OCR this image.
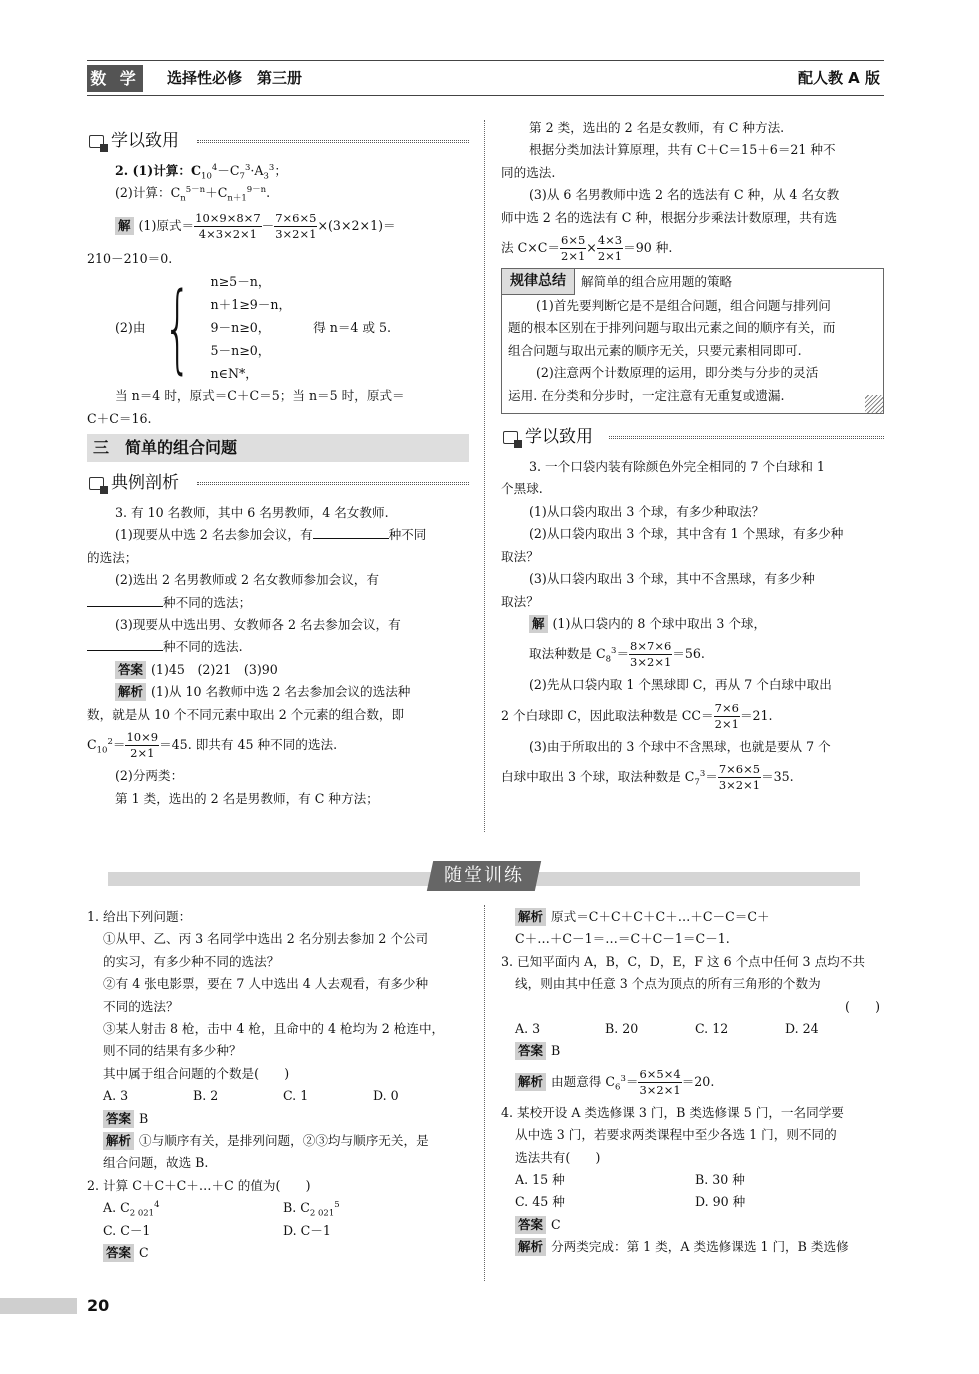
数 学 选择性必修　第三册	配人教 A 版
学以致用
2. (1)计算：$C_{10}^4-C_7^3\cdot A_3^3$；
(2)计算：$C_n^{5-n}+C_{n+1}^{9-n}$.
解 (1)原式＝ $\frac{10\times 9\times 8\times 7}{4\times 3\times 2\times 1} - \frac{7\times 6\times 5}{3\times 2\times 1} \times(3\times 2\times 1)=$
210－210＝0.
(2)由 { n≥5－n，
n＋1≥9－n，
9－n≥0，
5－n≥0，
n∈N*，
得 n＝4 或 5.
当 n＝4 时，原式＝C＋C＝5；当 n＝5 时，原式＝
C＋C＝16.
三　简单的组合问题
典例剖析
3. 有 10 名教师，其中 6 名男教师，4 名女教师.
(1)现要从中选 2 名去参加会议，有	种不同
的选法；
(2)选出 2 名男教师或 2 名女教师参加会议，有
种不同的选法；
(3)现要从中选出男、女教师各 2 名去参加会议，有
种不同的选法.
答案 (1)45　(2)21　(3)90
解析 (1)从 10 名教师中选 2 名去参加会议的选法种
数，就是从 10 个不同元素中取出 2 个元素的组合数，即
$C_{10}^2= \frac{10\times 9}{2\times 1} =45$. 即共有 45 种不同的选法.
(2)分两类：
第 1 类，选出的 2 名是男教师，有 C 种方法；
第 2 类，选出的 2 名是女教师，有 C 种方法.
根据分类加法计算原理，共有 C＋C＝15＋6＝21 种不
同的选法.
(3)从 6 名男教师中选 2 名的选法有 C 种，从 4 名女教
师中选 2 名的选法有 C 种，根据分步乘法计数原理，共有选
法 $C\times C= \frac{6\times 5}{2\times 1} \times \frac{4\times 3}{2\times 1} =90$ 种.
规律总结	解简单的组合应用题的策略
(1)首先要判断它是不是组合问题，组合问题与排列问
题的根本区别在于排列问题与取出元素之间的顺序有关，而
组合问题与取出元素的顺序无关，只要元素相同即可.
(2)注意两个计数原理的运用，即分类与分步的灵活
运用. 在分类和分步时，一定注意有无重复或遗漏.
学以致用
3. 一个口袋内装有除颜色外完全相同的 7 个白球和 1
个黑球.
(1)从口袋内取出 3 个球，有多少种取法？
(2)从口袋内取出 3 个球，其中含有 1 个黑球，有多少种
取法？
(3)从口袋内取出 3 个球，其中不含黑球，有多少种
取法？
解 (1)从口袋内的 8 个球中取出 3 个球，
取法种数是 $C_8^3= \frac{8\times 7\times 6}{3\times 2\times 1} =56$.
(2)先从口袋内取 1 个黑球即 C，再从 7 个白球中取出
2 个白球即 C，因此取法种数是 $CC= \frac{7\times 6}{2\times 1} =21$.
(3)由于所取出的 3 个球中不含黑球，也就是要从 7 个
白球中取出 3 个球，取法种数是 $C_7^3= \frac{7\times 6\times 5}{3\times 2\times 1} =35$.
随堂训练
1. 给出下列问题：
①从甲、乙、丙 3 名同学中选出 2 名分别去参加 2 个公司
的实习，有多少种不同的选法？
②有 4 张电影票，要在 7 人中选出 4 人去观看，有多少种
不同的选法？
③某人射击 8 枪，击中 4 枪，且命中的 4 枪均为 2 枪连中，
则不同的结果有多少种？
其中属于组合问题的个数是(　　)
A. 3	B. 2	C. 1	D. 0
答案 B
解析 ①与顺序有关，是排列问题，②③均与顺序无关，是
组合问题，故选 B.
2. 计算 C＋C＋C＋…＋C 的值为(　　)
A. $C_{2 021}^4$	B. $C_{2 021}^5$
C. C－1	D. C－1
答案 C
解析 原式＝C＋C＋C＋C＋…＋C－C＝C＋
C＋…＋C－1＝…＝C＋C－1＝C－1.
3. 已知平面内 A，B，C，D，E，F 这 6 个点中任何 3 点均不共
线，则由其中任意 3 个点为顶点的所有三角形的个数为
(　　)
A. 3	B. 20	C. 12	D. 24
答案 B
解析 由题意得 $C_6^3= \frac{6\times 5\times 4}{3\times 2\times 1} =20$.
4. 某校开设 A 类选修课 3 门，B 类选修课 5 门，一名同学要
从中选 3 门，若要求两类课程中至少各选 1 门，则不同的
选法共有(　　)
A. 15 种	B. 30 种
C. 45 种	D. 90 种
答案 C
解析 分两类完成：第 1 类，A 类选修课选 1 门，B 类选修
20
